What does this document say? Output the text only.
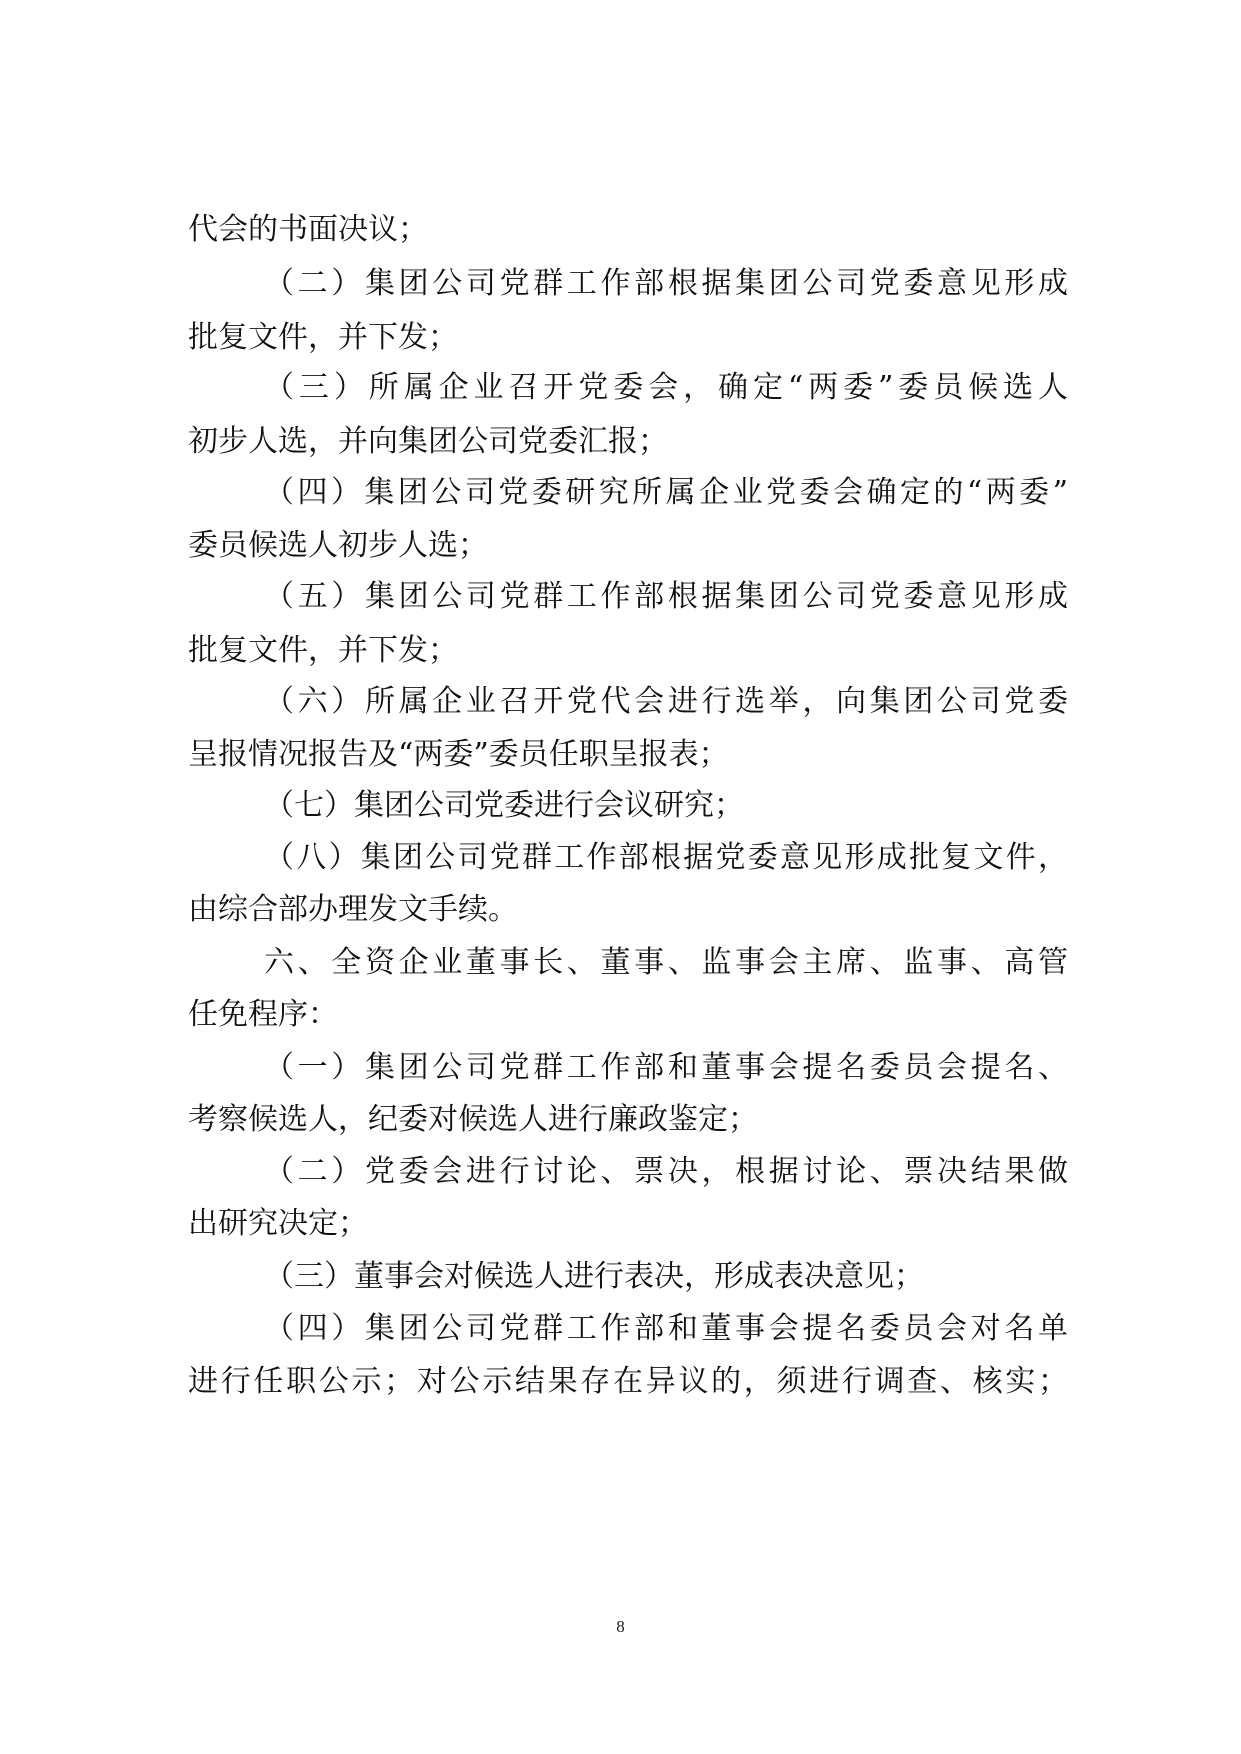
代会的书面决议；
（二）集团公司党群工作部根据集团公司党委意见形成
批复文件，并下发；
（三）所属企业召开党委会，确定“两委”委员候选人
初步人选，并向集团公司党委汇报；
（四）集团公司党委研究所属企业党委会确定的“两委”
委员候选人初步人选；
（五）集团公司党群工作部根据集团公司党委意见形成
批复文件，并下发；
（六）所属企业召开党代会进行选举，向集团公司党委
呈报情况报告及“两委”委员任职呈报表；
（七）集团公司党委进行会议研究；
（八）集团公司党群工作部根据党委意见形成批复文件，
由综合部办理发文手续。
六、全资企业董事长、董事、监事会主席、监事、高管
任免程序：
（一）集团公司党群工作部和董事会提名委员会提名、
考察候选人，纪委对候选人进行廉政鉴定；
（二）党委会进行讨论、票决，根据讨论、票决结果做
出研究决定；
（三）董事会对候选人进行表决，形成表决意见；
（四）集团公司党群工作部和董事会提名委员会对名单
进行任职公示；对公示结果存在异议的，须进行调查、核实；
8
